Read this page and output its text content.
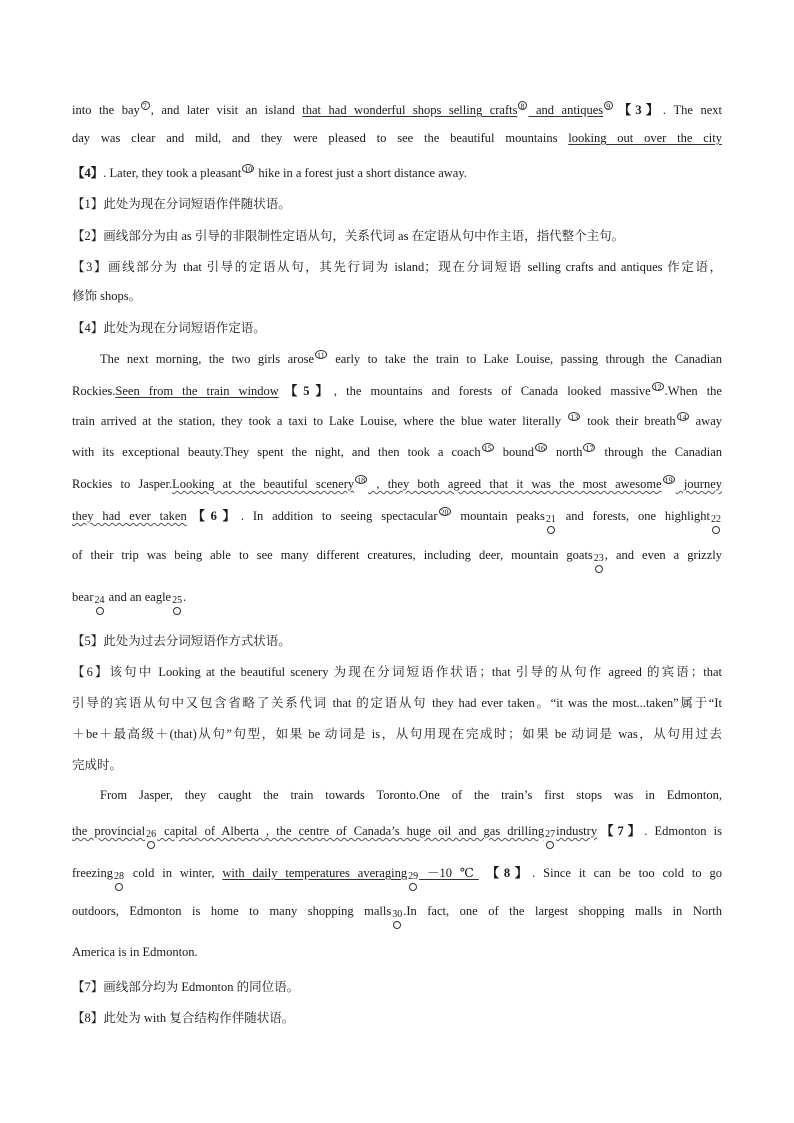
into the bay 7 , and later visit an island that had wonderful shops selling crafts 8 and antiques 9 【3】. The next
day was clear and mild, and they were pleased to see the beautiful mountains looking out over the city
【4】. Later, they took a pleasant 10 hike in a forest just a short distance away.
【1】此处为现在分词短语作伴随状语。
【2】画线部分为由 as 引导的非限制性定语从句，关系代词 as 在定语从句中作主语，指代整个主句。
【3】画线部分为 that 引导的定语从句，其先行词为 island；现在分词短语 selling crafts and antiques 作定语，
修饰 shops。
【4】此处为现在分词短语作定语。
The next morning, the two girls arose 11 early to take the train to Lake Louise, passing through the Canadian
Rockies.Seen from the train window【5】, the mountains and forests of Canada looked massive 12 .When the
train arrived at the station, they took a taxi to Lake Louise, where the blue water literally 13 took their breath 14 away
with its exceptional beauty.They spent the night, and then took a coach 15 bound 16 north 17 through the Canadian
Rockies to Jasper.Looking at the beautiful scenery 18 , they both agreed that it was the most awesome 19 journey
they had ever taken【6】. In addition to seeing spectacular 20 mountain peaks 21 and forests, one highlight 22
of their trip was being able to see many different creatures, including deer, mountain goats 23 , and even a grizzly
bear 24 and an eagle 25 .
【5】此处为过去分词短语作方式状语。
【6】该句中 Looking at the beautiful scenery 为现在分词短语作状语；that 引导的从句作 agreed 的宾语；that
引导的宾语从句中又包含省略了关系代词 that 的定语从句 they had ever taken。“it was the most...taken”属于“It
＋be＋最高级＋(that)从句”句型，如果 be 动词是 is，从句用现在完成时；如果 be 动词是 was，从句用过去
完成时。
From Jasper, they caught the train towards Toronto.One of the train’s first stops was in Edmonton,
the provincial 26 capital of Alberta , the centre of Canada’s huge oil and gas drilling 27 industry【7】. Edmonton is
freezing 28 cold in winter, with daily temperatures averaging 29 －10 ℃ 【8】. Since it can be too cold to go
outdoors, Edmonton is home to many shopping malls 30 .In fact, one of the largest shopping malls in North
America is in Edmonton.
【7】画线部分均为 Edmonton 的同位语。
【8】此处为 with 复合结构作伴随状语。
